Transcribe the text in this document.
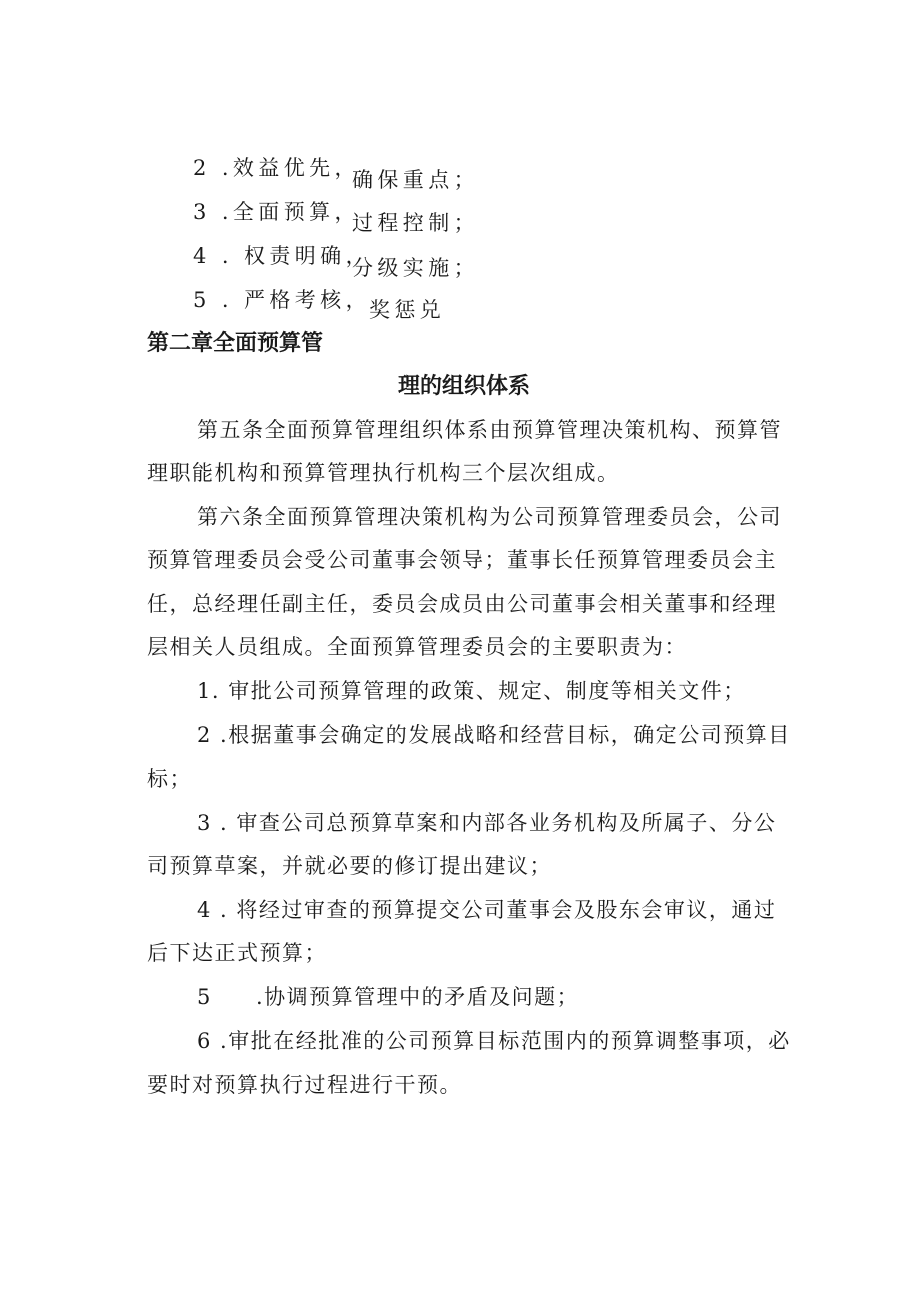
2 .效益优先，
确保重点；
3 .全面预算，
过程控制；
4 . 权责明确，
分级实施；
5 . 严格考核，
奖惩兑
第二章全面预算管
理的组织体系
第五条全面预算管理组织体系由预算管理决策机构、预算管
理职能机构和预算管理执行机构三个层次组成。
第六条全面预算管理决策机构为公司预算管理委员会，公司
预算管理委员会受公司董事会领导；董事长任预算管理委员会主
任，总经理任副主任，委员会成员由公司董事会相关董事和经理
层相关人员组成。全面预算管理委员会的主要职责为：
1. 审批公司预算管理的政策、规定、制度等相关文件；
2 .根据董事会确定的发展战略和经营目标，确定公司预算目
标；
3 . 审查公司总预算草案和内部各业务机构及所属子、分公
司预算草案，并就必要的修订提出建议；
4 . 将经过审查的预算提交公司董事会及股东会审议，通过
后下达正式预算；
5 .协调预算管理中的矛盾及问题；
6 .审批在经批准的公司预算目标范围内的预算调整事项，必
要时对预算执行过程进行干预。
